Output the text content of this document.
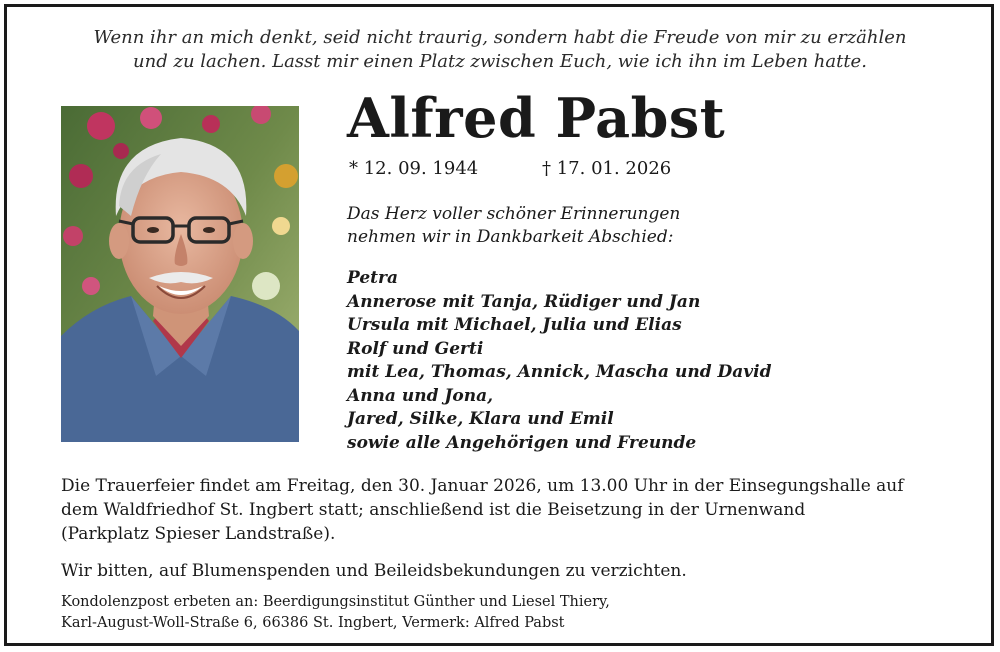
Wenn ihr an mich denkt, seid nicht traurig, sondern habt die Freude von mir zu erzählen
und zu lachen. Lasst mir einen Platz zwischen Euch, wie ich ihn im Leben hatte.
Alfred Pabst
* 12. 09. 1944	† 17. 01. 2026
Das Herz voller schöner Erinnerungen
nehmen wir in Dankbarkeit Abschied:
Petra
Annerose mit Tanja, Rüdiger und Jan
Ursula mit Michael, Julia und Elias
Rolf und Gerti
mit Lea, Thomas, Annick, Mascha und David
Anna und Jona,
Jared, Silke, Klara und Emil
sowie alle Angehörigen und Freunde
Die Trauerfeier findet am Freitag, den 30. Januar 2026, um 13.00 Uhr in der Einsegungshalle auf
dem Waldfriedhof St. Ingbert statt; anschließend ist die Beisetzung in der Urnenwand
(Parkplatz Spieser Landstraße).
Wir bitten, auf Blumenspenden und Beileidsbekundungen zu verzichten.
Kondolenzpost erbeten an: Beerdigungsinstitut Günther und Liesel Thiery,
Karl-August-Woll-Straße 6, 66386 St. Ingbert, Vermerk: Alfred Pabst
